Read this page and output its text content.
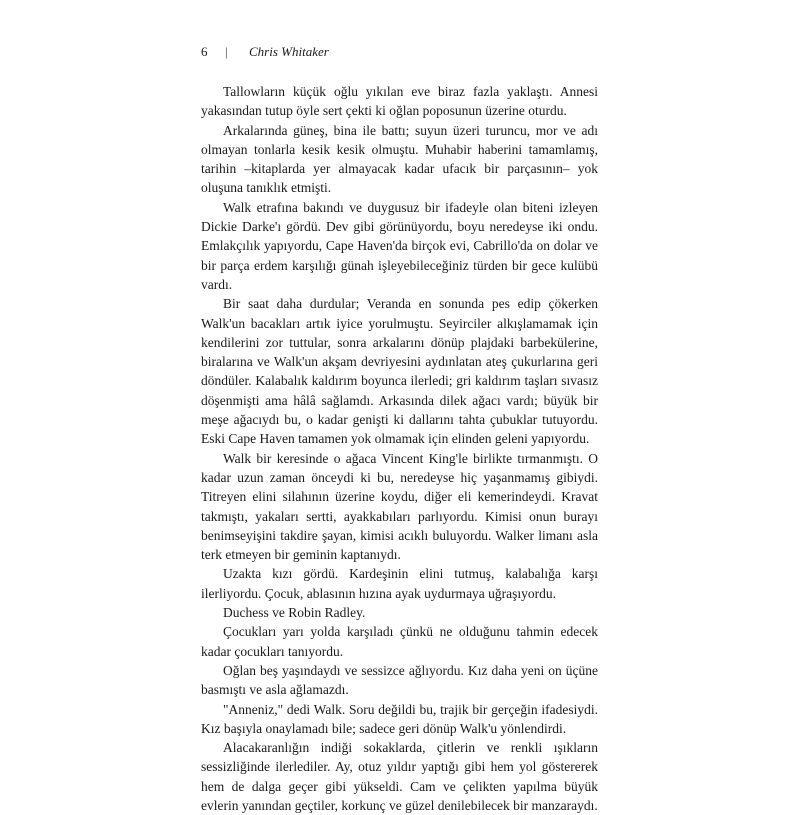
6 | Chris Whitaker

Tallowların küçük oğlu yıkılan eve biraz fazla yaklaştı. Annesi yakasından tutup öyle sert çekti ki oğlan poposunun üzerine oturdu.

Arkalarında güneş, bina ile battı; suyun üzeri turuncu, mor ve adı olmayan tonlarla kesik kesik olmuştu. Muhabir haberini tamamlamış, tarihin –kitaplarda yer almayacak kadar ufacık bir parçasının– yok oluşuna tanıklık etmişti.

Walk etrafına bakındı ve duygusuz bir ifadeyle olan biteni izleyen Dickie Darke'ı gördü. Dev gibi görünüyordu, boyu neredeyse iki ondu. Emlakçılık yapıyordu, Cape Haven'da birçok evi, Cabrillo'da on dolar ve bir parça erdem karşılığı günah işleyebileceğiniz türden bir gece kulübü vardı.

Bir saat daha durdular; Veranda en sonunda pes edip çökerken Walk'un bacakları artık iyice yorulmuştu. Seyirciler alkışlamamak için kendilerini zor tuttular, sonra arkalarını dönüp plajdaki barbekülerine, biralarına ve Walk'un akşam devriyesini aydınlatan ateş çukurlarına geri döndüler. Kalabalık kaldırım boyunca ilerledi; gri kaldırım taşları sıvasız döşenmişti ama hâlâ sağlamdı. Arkasında dilek ağacı vardı; büyük bir meşe ağacıydı bu, o kadar genişti ki dallarını tahta çubuklar tutuyordu. Eski Cape Haven tamamen yok olmamak için elinden geleni yapıyordu.

Walk bir keresinde o ağaca Vincent King'le birlikte tırmanmıştı. O kadar uzun zaman önceydi ki bu, neredeyse hiç yaşanmamış gibiydi. Titreyen elini silahının üzerine koydu, diğer eli kemerindeydi. Kravat takmıştı, yakaları sertti, ayakkabıları parlıyordu. Kimisi onun burayı benimseyişini takdire şayan, kimisi acıklı buluyordu. Walker limanı asla terk etmeyen bir geminin kaptanıydı.

Uzakta kızı gördü. Kardeşinin elini tutmuş, kalabalığa karşı ilerliyordu. Çocuk, ablasının hızına ayak uydurmaya uğraşıyordu.

Duchess ve Robin Radley.

Çocukları yarı yolda karşıladı çünkü ne olduğunu tahmin edecek kadar çocukları tanıyordu.

Oğlan beş yaşındaydı ve sessizce ağlıyordu. Kız daha yeni on üçüne basmıştı ve asla ağlamazdı.

"Anneniz," dedi Walk. Soru değildi bu, trajik bir gerçeğin ifadesiydi. Kız başıyla onaylamadı bile; sadece geri dönüp Walk'u yönlendirdi.

Alacakaranlığın indiği sokaklarda, çitlerin ve renkli ışıkların sessizliğinde ilerlediler. Ay, otuz yıldır yaptığı gibi hem yol göstererek hem de dalga geçer gibi yükseldi. Cam ve çelikten yapılma büyük evlerin yanından geçtiler, korkunç ve güzel denilebilecek bir manzaraydı.
